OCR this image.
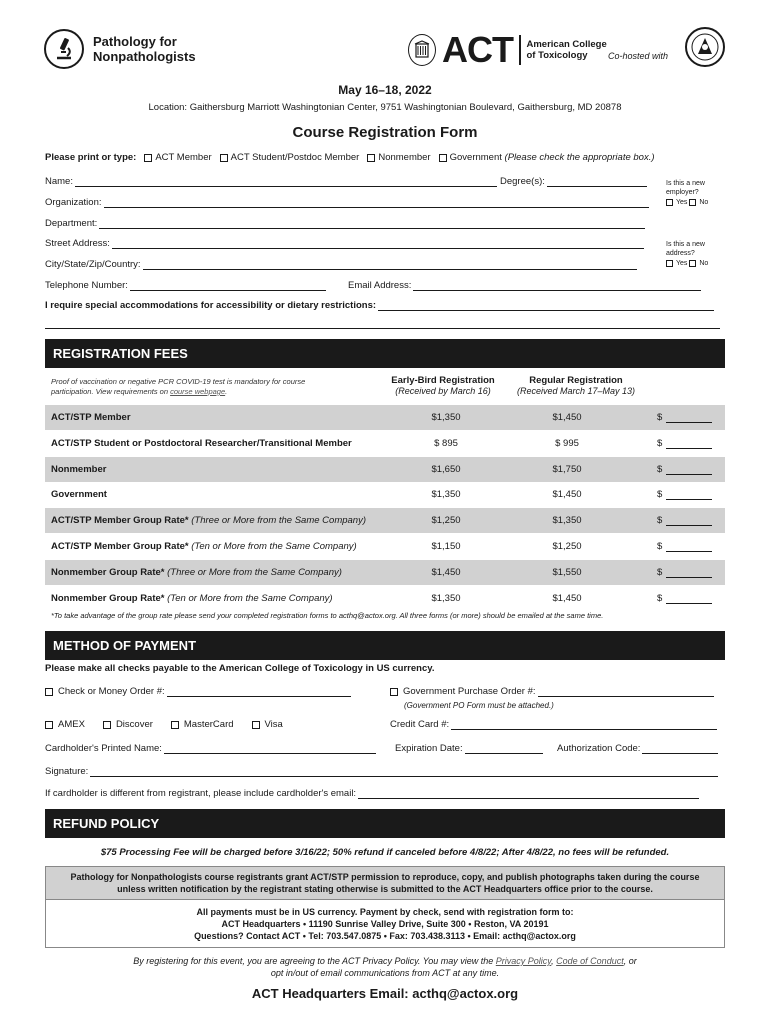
Pathology for
Nonpathologists	ACT American College
of Toxicology	Co-hosted with
May 16–18, 2022
Location: Gaithersburg Marriott Washingtonian Center, 9751 Washingtonian Boulevard, Gaithersburg, MD 20878
Course Registration Form
Please print or type: ACT Member ACT Student/Postdoc Member Nonmember Government
(Please check the appropriate box.)
Name:	Degree(s):	Is this a new
employer?
Yes
No
Organization:
Department:
Street Address:	Is this a new
address?
Yes
No
City/State/Zip/Country:
Telephone Number:	Email Address:
I require special accommodations for accessibility or dietary restrictions:
REGISTRATION FEES
Proof of vaccination or negative PCR COVID-19 test is mandatory for course
participation. View requirements on course webpage.
Early-Bird Registration
(Received by March 16)
Regular Registration
(Received March 17–May 13)
ACT/STP Member	$1,350	$1,450	$
ACT/STP Student or Postdoctoral Researcher/Transitional Member	$ 895	$ 995	$
Nonmember	$1,650	$1,750	$
Government	$1,350	$1,450	$
ACT/STP Member Group Rate* (Three or More from the Same Company)	$1,250	$1,350	$
ACT/STP Member Group Rate* (Ten or More from the Same Company)	$1,150	$1,250	$
Nonmember Group Rate* (Three or More from the Same Company)	$1,450	$1,550	$
Nonmember Group Rate* (Ten or More from the Same Company)	$1,350	$1,450	$
*To take advantage of the group rate please send your completed registration forms to acthq@actox.org. All three forms (or more) should be emailed at the same time.
METHOD OF PAYMENT
Please make all checks payable to the American College of Toxicology in US currency.
Check or Money Order #:	Government Purchase Order #:
(Government PO Form must be attached.)
AMEX	Discover	MasterCard	Visa	Credit Card #:
Cardholder's Printed Name:	Expiration Date:	Authorization Code:
Signature:
If cardholder is different from registrant, please include cardholder's email:
REFUND POLICY
$75 Processing Fee will be charged before 3/16/22; 50% refund if canceled before 4/8/22; After 4/8/22, no fees will be refunded.
Pathology for Nonpathologists course registrants grant ACT/STP permission to reproduce, copy, and publish photographs taken during the course
unless written notification by the registrant stating otherwise is submitted to the ACT Headquarters office prior to the course.
All payments must be in US currency. Payment by check, send with registration form to:
ACT Headquarters • 11190 Sunrise Valley Drive, Suite 300 • Reston, VA 20191
Questions? Contact ACT • Tel: 703.547.0875 • Fax: 703.438.3113 • Email: acthq@actox.org
By registering for this event, you are agreeing to the ACT Privacy Policy. You may view the Privacy Policy, Code of Conduct, or
opt in/out of email communications from ACT at any time.
ACT Headquarters Email: acthq@actox.org
